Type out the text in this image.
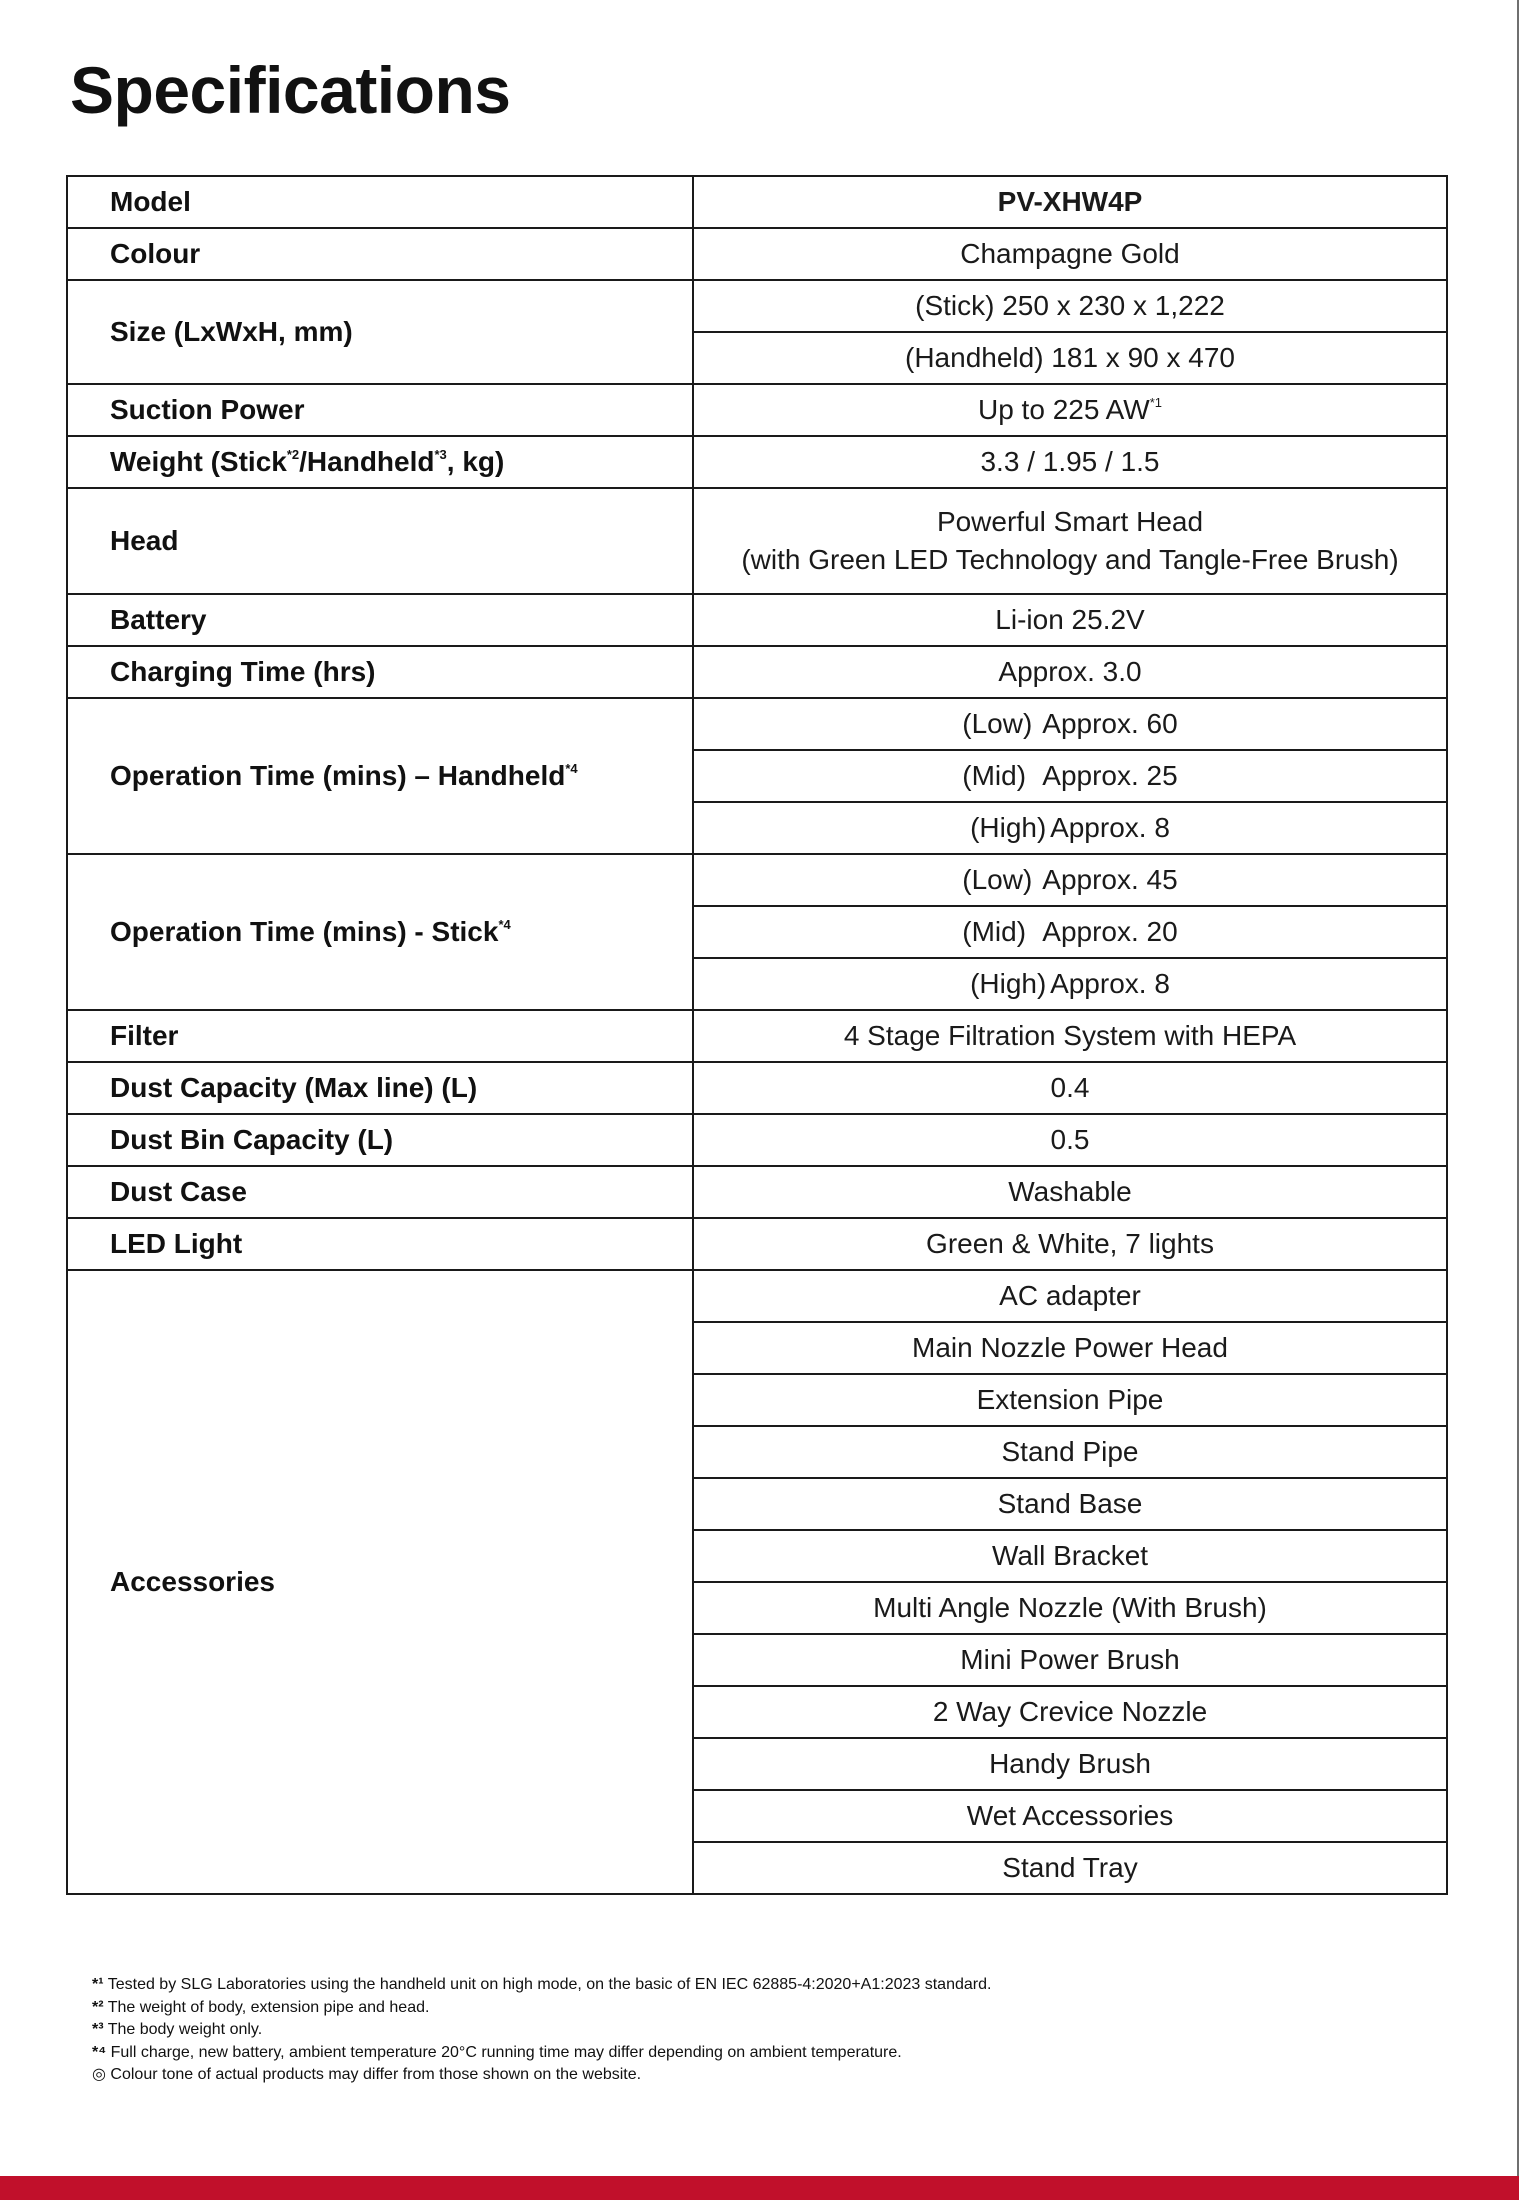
Specifications
Model	PV-XHW4P
Colour	Champagne Gold
Size (LxWxH, mm)	(Stick) 250 x 230 x 1,222
	(Handheld) 181 x 90 x 470
Suction Power	Up to 225 AW$^{*1}$
Weight (Stick$^{*2}$/Handheld$^{*3}$, kg)	3.3 / 1.95 / 1.5
Head	Powerful Smart Head
(with Green LED Technology and Tangle-Free Brush)

Battery	Li-ion 25.2V
Charging Time (hrs)	Approx. 3.0
Operation Time (mins) – Handheld$^{*4}$	(Low) Approx. 60
	(Mid) Approx. 25
	(High) Approx. 8
Operation Time (mins) - Stick$^{*4}$	(Low) Approx. 45
	(Mid) Approx. 20
	(High) Approx. 8
Filter	4 Stage Filtration System with HEPA
Dust Capacity (Max line) (L)	0.4
Dust Bin Capacity (L)	0.5
Dust Case	Washable
LED Light	Green & White, 7 lights
Accessories	AC adapter
	Main Nozzle Power Head
	Extension Pipe
	Stand Pipe
	Stand Base
	Wall Bracket
	Multi Angle Nozzle (With Brush)
	Mini Power Brush
	2 Way Crevice Nozzle
	Handy Brush
	Wet Accessories
	Stand Tray
*¹ Tested by SLG Laboratories using the handheld unit on high mode, on the basic of EN IEC 62885-4:2020+A1:2023 standard.
*² The weight of body, extension pipe and head.
*³ The body weight only.
*⁴ Full charge, new battery, ambient temperature 20°C running time may differ depending on ambient temperature.
◎ Colour tone of actual products may differ from those shown on the website.
